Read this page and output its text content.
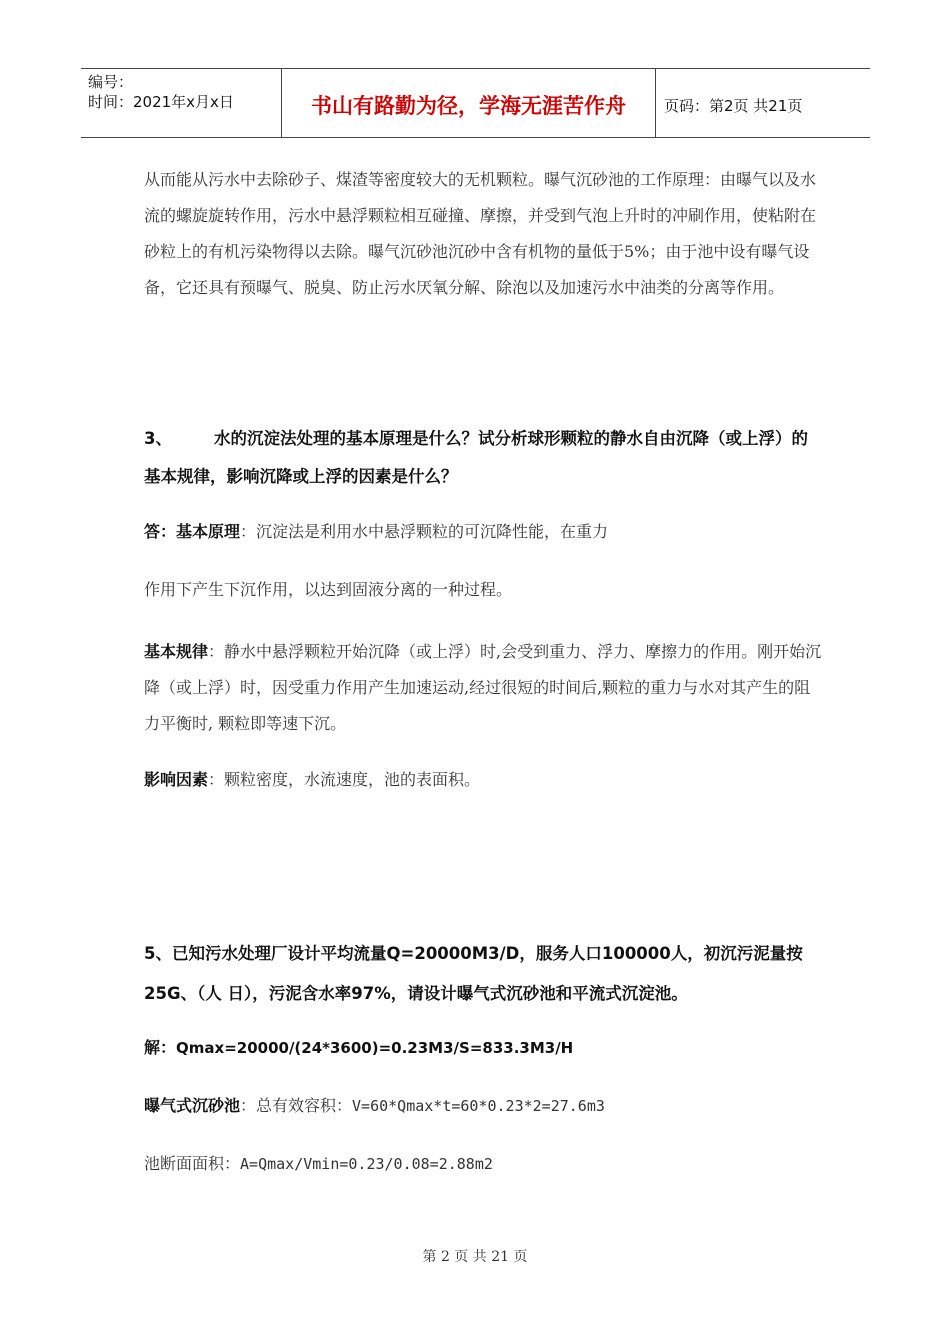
编号：
时间：2021年x月x日	书山有路勤为径，学海无涯苦作舟	页码：第2页 共21页

从而能从污水中去除砂子、煤渣等密度较大的无机颗粒。曝气沉砂池的工作原理：由曝气以及水流的螺旋旋转作用，污水中悬浮颗粒相互碰撞、摩擦，并受到气泡上升时的冲刷作用，使粘附在砂粒上的有机污染物得以去除。曝气沉砂池沉砂中含有机物的量低于5%；由于池中设有曝气设备，它还具有预曝气、脱臭、防止污水厌氧分解、除泡以及加速污水中油类的分离等作用。

3、	水的沉淀法处理的基本原理是什么？试分析球形颗粒的静水自由沉降（或上浮）的基本规律，影响沉降或上浮的因素是什么？

答：基本原理：沉淀法是利用水中悬浮颗粒的可沉降性能，在重力

作用下产生下沉作用，以达到固液分离的一种过程。

基本规律：静水中悬浮颗粒开始沉降（或上浮）时,会受到重力、浮力、摩擦力的作用。刚开始沉降（或上浮）时，因受重力作用产生加速运动,经过很短的时间后,颗粒的重力与水对其产生的阻力平衡时, 颗粒即等速下沉。

影响因素：颗粒密度，水流速度，池的表面积。

5、已知污水处理厂设计平均流量Q=20000M3/D，服务人口100000人，初沉污泥量按25G、（人 日），污泥含水率97%，请设计曝气式沉砂池和平流式沉淀池。

解：Qmax=20000/(24*3600)=0.23M3/S=833.3M3/H

曝气式沉砂池：总有效容积：V=60*Qmax*t=60*0.23*2=27.6m3

池断面面积：A=Qmax/Vmin=0.23/0.08=2.88m2

第 2 页 共 21 页
